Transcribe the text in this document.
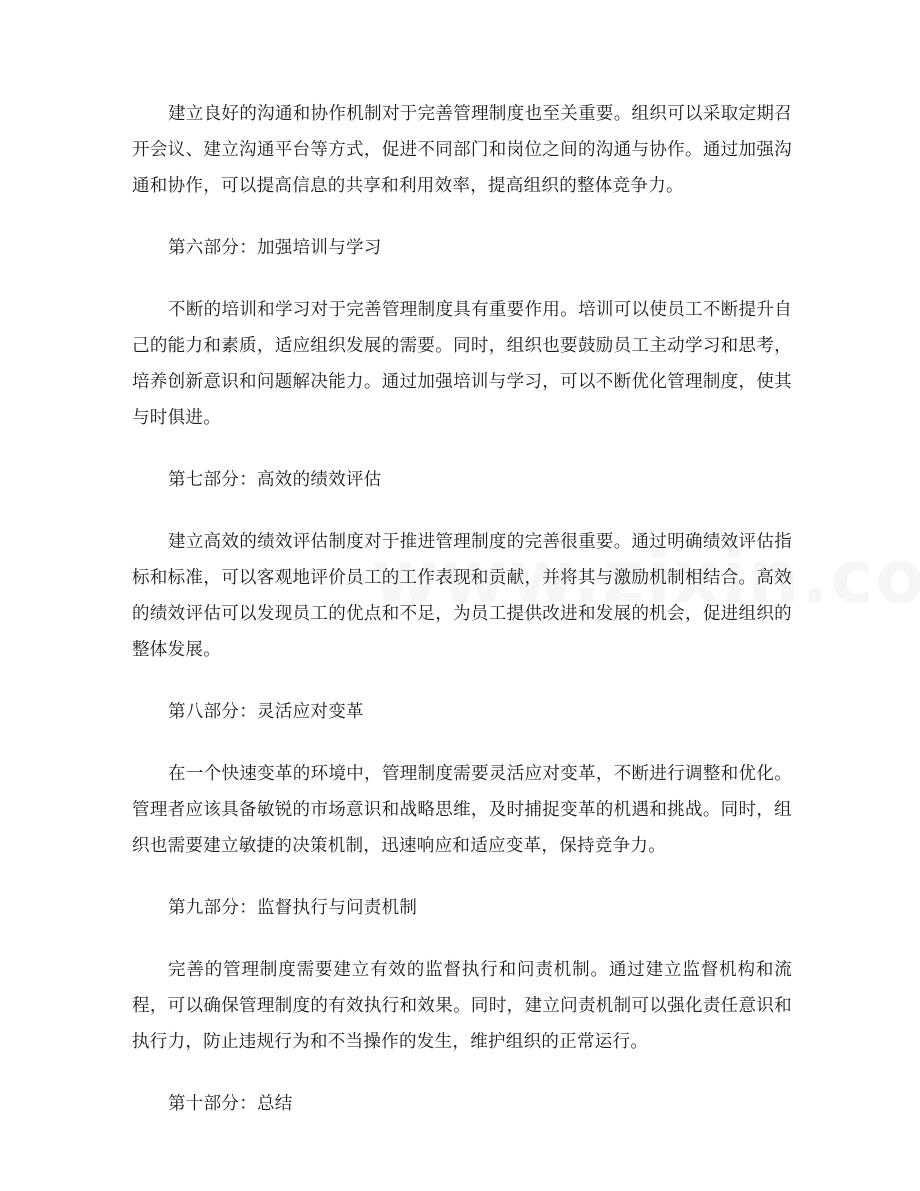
建立良好的沟通和协作机制对于完善管理制度也至关重要。组织可以采取定期召开会议、建立沟通平台等方式，促进不同部门和岗位之间的沟通与协作。通过加强沟通和协作，可以提高信息的共享和利用效率，提高组织的整体竞争力。

第六部分：加强培训与学习

不断的培训和学习对于完善管理制度具有重要作用。培训可以使员工不断提升自己的能力和素质，适应组织发展的需要。同时，组织也要鼓励员工主动学习和思考，培养创新意识和问题解决能力。通过加强培训与学习，可以不断优化管理制度，使其与时俱进。

第七部分：高效的绩效评估

建立高效的绩效评估制度对于推进管理制度的完善很重要。通过明确绩效评估指标和标准，可以客观地评价员工的工作表现和贡献，并将其与激励机制相结合。高效的绩效评估可以发现员工的优点和不足，为员工提供改进和发展的机会，促进组织的整体发展。

第八部分：灵活应对变革

在一个快速变革的环境中，管理制度需要灵活应对变革，不断进行调整和优化。管理者应该具备敏锐的市场意识和战略思维，及时捕捉变革的机遇和挑战。同时，组织也需要建立敏捷的决策机制，迅速响应和适应变革，保持竞争力。

第九部分：监督执行与问责机制

完善的管理制度需要建立有效的监督执行和问责机制。通过建立监督机构和流程，可以确保管理制度的有效执行和效果。同时，建立问责机制可以强化责任意识和执行力，防止违规行为和不当操作的发生，维护组织的正常运行。

第十部分：总结
